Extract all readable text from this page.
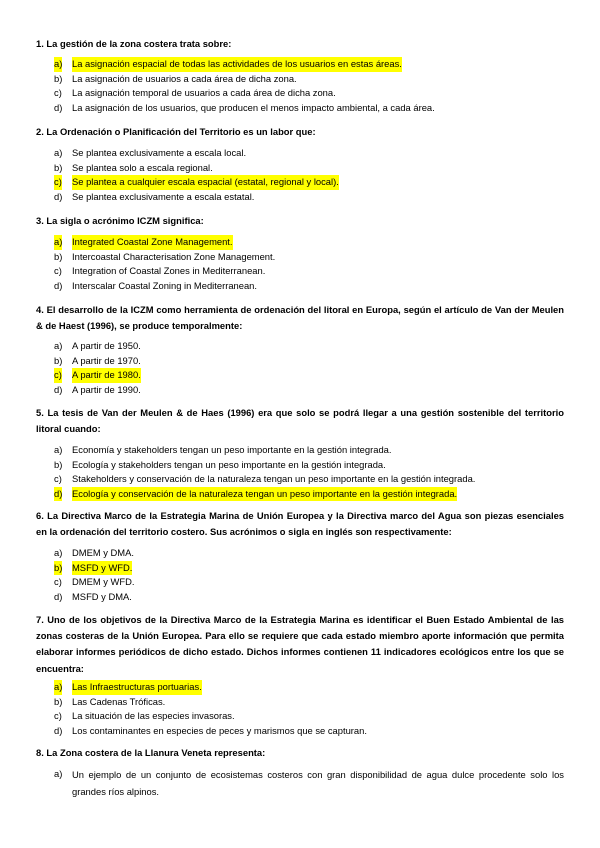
1. La gestión de la zona costera trata sobre:
a) La asignación espacial de todas las actividades de los usuarios en estas áreas.
b) La asignación de usuarios a cada área de dicha zona.
c) La asignación temporal de usuarios a cada área de dicha zona.
d) La asignación de los usuarios, que producen el menos impacto ambiental, a cada área.
2. La Ordenación o Planificación del Territorio es un labor que:
a) Se plantea exclusivamente a escala local.
b) Se plantea solo a escala regional.
c) Se plantea a cualquier escala espacial (estatal, regional y local).
d) Se plantea exclusivamente a escala estatal.
3. La sigla o acrónimo ICZM significa:
a) Integrated Coastal Zone Management.
b) Intercoastal Characterisation Zone Management.
c) Integration of Coastal Zones in Mediterranean.
d) Interscalar Coastal Zoning in Mediterranean.
4. El desarrollo de la ICZM como herramienta de ordenación del litoral en Europa, según el artículo de Van der Meulen & de Haest (1996), se produce temporalmente:
a) A partir de 1950.
b) A partir de 1970.
c) A partir de 1980.
d) A partir de 1990.
5. La tesis de Van der Meulen & de Haes (1996) era que solo se podrá llegar a una gestión sostenible del territorio litoral cuando:
a) Economía y stakeholders tengan un peso importante en la gestión integrada.
b) Ecología y stakeholders tengan un peso importante en la gestión integrada.
c) Stakeholders y conservación de la naturaleza tengan un peso importante en la gestión integrada.
d) Ecología y conservación de la naturaleza tengan un peso importante en la gestión integrada.
6. La Directiva Marco de la Estrategia Marina de Unión Europea y la Directiva marco del Agua son piezas esenciales en la ordenación del territorio costero. Sus acrónimos o sigla en inglés son respectivamente:
a) DMEM y DMA.
b) MSFD y WFD.
c) DMEM y WFD.
d) MSFD y DMA.
7. Uno de los objetivos de la Directiva Marco de la Estrategia Marina es identificar el Buen Estado Ambiental de las zonas costeras de la Unión Europea. Para ello se requiere que cada estado miembro aporte información que permita elaborar informes periódicos de dicho estado. Dichos informes contienen 11 indicadores ecológicos entre los que se encuentra:
a) Las Infraestructuras portuarias.
b) Las Cadenas Tróficas.
c) La situación de las especies invasoras.
d) Los contaminantes en especies de peces y marismos que se capturan.
8. La Zona costera de la Llanura Veneta representa:
a) Un ejemplo de un conjunto de ecosistemas costeros con gran disponibilidad de agua dulce procedente solo los grandes ríos alpinos.
